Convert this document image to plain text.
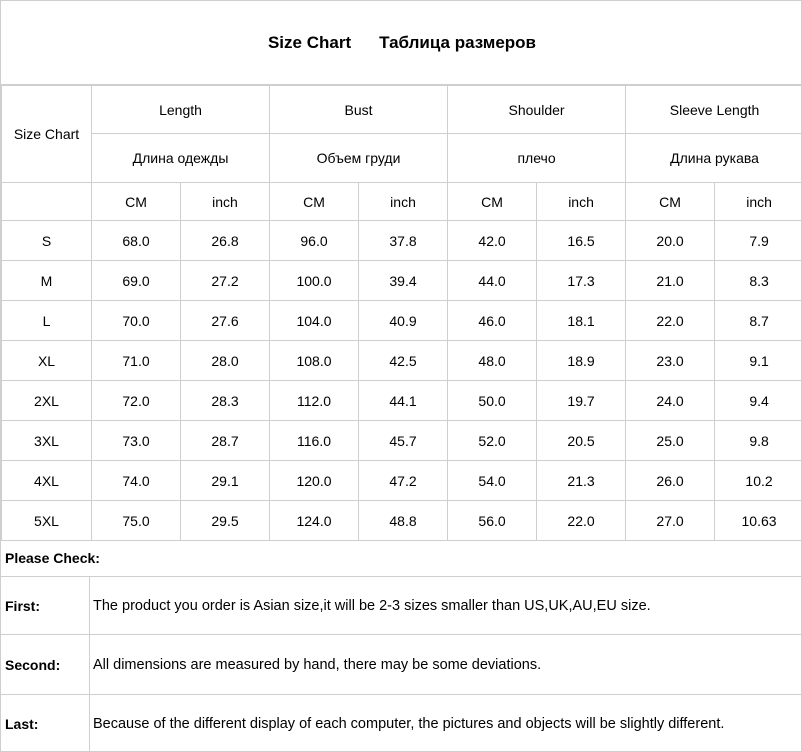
Size Chart Таблица размеров
Size Chart	Length		Bust		Shoulder		Sleeve Length	
	Длина одежды		Объем груди		плечо		Длина рукава	
	CM	inch	CM	inch	CM	inch	CM	inch
S	68.0	26.8	96.0	37.8	42.0	16.5	20.0	7.9
M	69.0	27.2	100.0	39.4	44.0	17.3	21.0	8.3
L	70.0	27.6	104.0	40.9	46.0	18.1	22.0	8.7
XL	71.0	28.0	108.0	42.5	48.0	18.9	23.0	9.1
2XL	72.0	28.3	112.0	44.1	50.0	19.7	24.0	9.4
3XL	73.0	28.7	116.0	45.7	52.0	20.5	25.0	9.8
4XL	74.0	29.1	120.0	47.2	54.0	21.3	26.0	10.2
5XL	75.0	29.5	124.0	48.8	56.0	22.0	27.0	10.63
Please Check:
First:	The product you order is Asian size,it will be 2-3 sizes smaller than US,UK,AU,EU size.
Second:	All dimensions are measured by hand, there may be some deviations.
Last:	Because of the different display of each computer, the pictures and objects will be slightly different.
